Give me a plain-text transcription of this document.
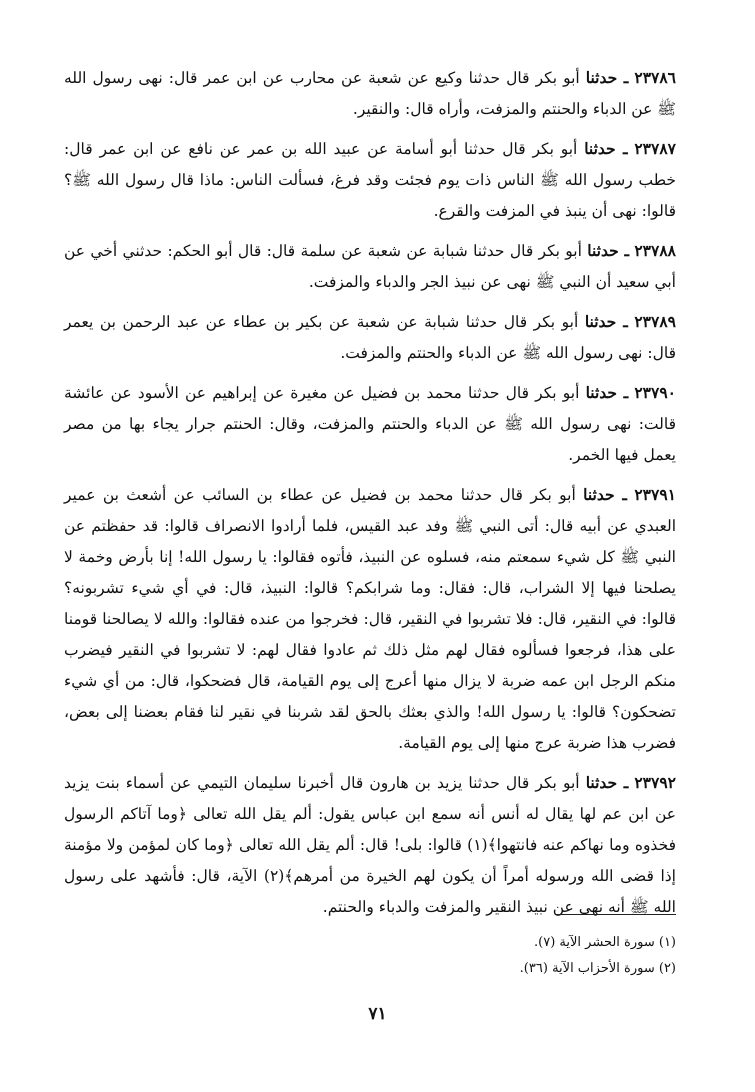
٢٣٧٨٦ ـ حدثنا أبو بكر قال حدثنا وكيع عن شعبة عن محارب عن ابن عمر قال: نهى رسول الله ﷺ عن الدباء والحنتم والمزفت، وأراه قال: والنقير.

٢٣٧٨٧ ـ حدثنا أبو بكر قال حدثنا أبو أسامة عن عبيد الله بن عمر عن نافع عن ابن عمر قال: خطب رسول الله ﷺ الناس ذات يوم فجئت وقد فرغ، فسألت الناس: ماذا قال رسول الله ﷺ؟ قالوا: نهى أن ينبذ في المزفت والقرع.

٢٣٧٨٨ ـ حدثنا أبو بكر قال حدثنا شبابة عن شعبة عن سلمة قال: قال أبو الحكم: حدثني أخي عن أبي سعيد أن النبي ﷺ نهى عن نبيذ الجر والدباء والمزفت.

٢٣٧٨٩ ـ حدثنا أبو بكر قال حدثنا شبابة عن شعبة عن بكير بن عطاء عن عبد الرحمن بن يعمر قال: نهى رسول الله ﷺ عن الدباء والحنتم والمزفت.

٢٣٧٩٠ ـ حدثنا أبو بكر قال حدثنا محمد بن فضيل عن مغيرة عن إبراهيم عن الأسود عن عائشة قالت: نهى رسول الله ﷺ عن الدباء والحنتم والمزفت، وقال: الحنتم جرار يجاء بها من مصر يعمل فيها الخمر.

٢٣٧٩١ ـ حدثنا أبو بكر قال حدثنا محمد بن فضيل عن عطاء بن السائب عن أشعث بن عمير العبدي عن أبيه قال: أتى النبي ﷺ وفد عبد القيس، فلما أرادوا الانصراف قالوا: قد حفظتم عن النبي ﷺ كل شيء سمعتم منه، فسلوه عن النبيذ، فأتوه فقالوا: يا رسول الله! إنا بأرض وخمة لا يصلحنا فيها إلا الشراب، قال: فقال: وما شرابكم؟ قالوا: النبيذ، قال: في أي شيء تشربونه؟ قالوا: في النقير، قال: فلا تشربوا في النقير، قال: فخرجوا من عنده فقالوا: والله لا يصالحنا قومنا على هذا، فرجعوا فسألوه فقال لهم مثل ذلك ثم عادوا فقال لهم: لا تشربوا في النقير فيضرب منكم الرجل ابن عمه ضربة لا يزال منها أعرج إلى يوم القيامة، قال فضحكوا، قال: من أي شيء تضحكون؟ قالوا: يا رسول الله! والذي بعثك بالحق لقد شربنا في نقير لنا فقام بعضنا إلى بعض، فضرب هذا ضربة عرج منها إلى يوم القيامة.

٢٣٧٩٢ ـ حدثنا أبو بكر قال حدثنا يزيد بن هارون قال أخبرنا سليمان التيمي عن أسماء بنت يزيد عن ابن عم لها يقال له أنس أنه سمع ابن عباس يقول: ألم يقل الله تعالى ﴿وما آتاكم الرسول فخذوه وما نهاكم عنه فانتهوا﴾(١) قالوا: بلى! قال: ألم يقل الله تعالى ﴿وما كان لمؤمن ولا مؤمنة إذا قضى الله ورسوله أمراً أن يكون لهم الخيرة من أمرهم﴾(٢) الآية، قال: فأشهد على رسول الله ﷺ أنه نهى عن نبيذ النقير والمزفت والدباء والحنتم.

(١) سورة الحشر الآية (٧).
(٢) سورة الأحزاب الآية (٣٦).
٧١
